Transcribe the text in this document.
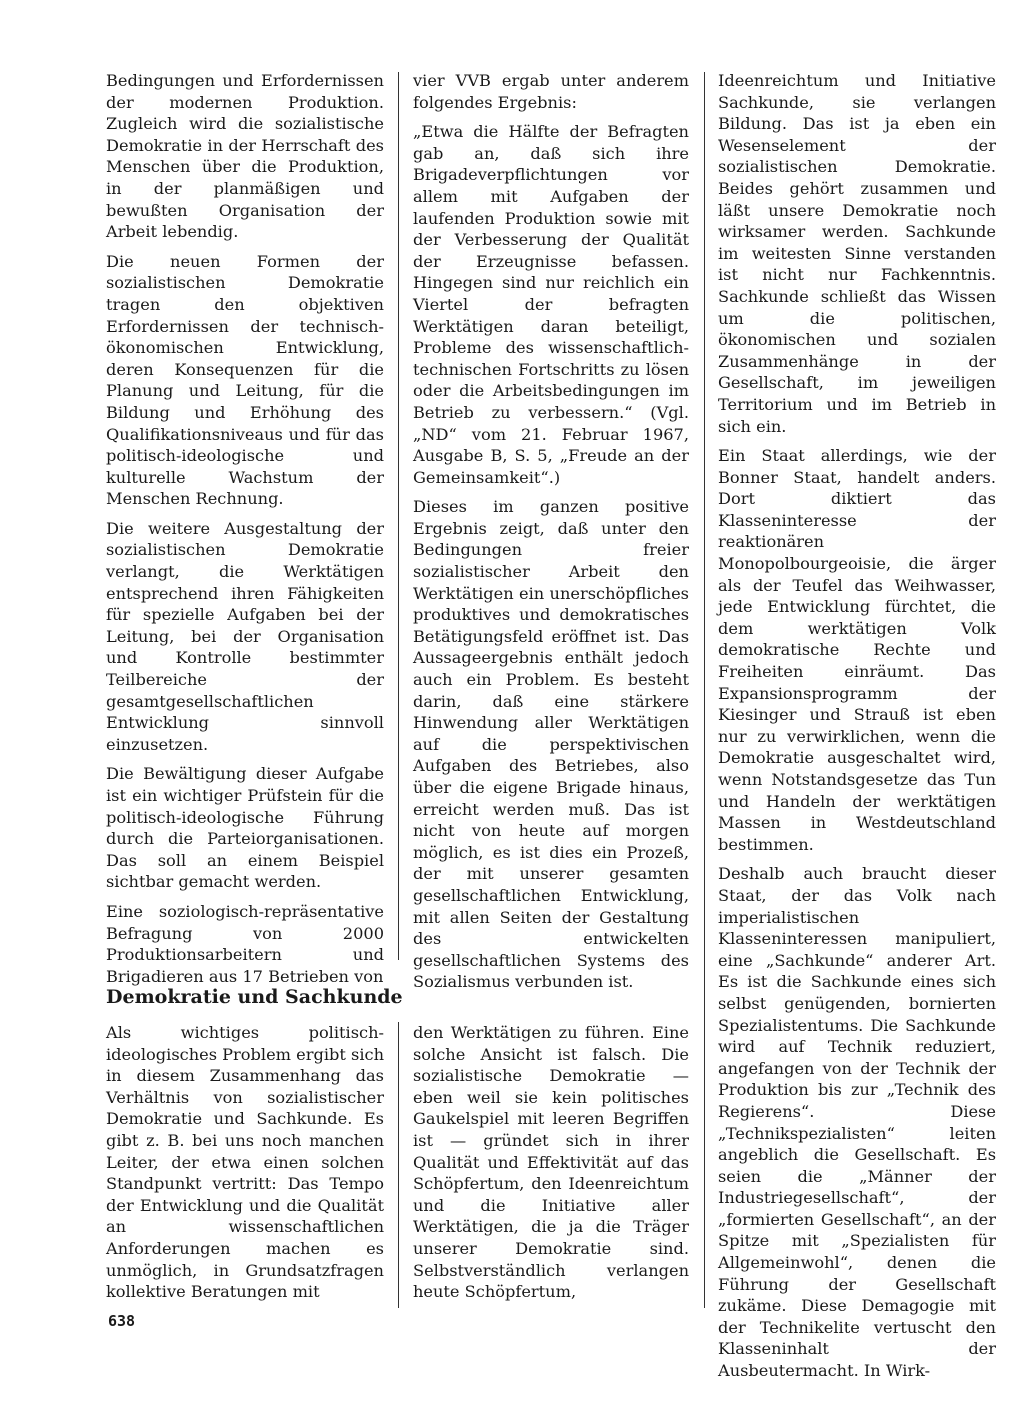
Bedingungen und Erfordernissen der modernen Produktion. Zugleich wird die sozialistische Demokratie in der Herrschaft des Menschen über die Produktion, in der planmäßigen und bewußten Organisation der Arbeit lebendig.

Die neuen Formen der sozialistischen Demokratie tragen den objektiven Erfordernissen der technisch-ökonomischen Entwicklung, deren Konsequenzen für die Planung und Leitung, für die Bildung und Erhöhung des Qualifikationsniveaus und für das politisch-ideologische und kulturelle Wachstum der Menschen Rechnung.

Die weitere Ausgestaltung der sozialistischen Demokratie verlangt, die Werktätigen entsprechend ihren Fähigkeiten für spezielle Aufgaben bei der Leitung, bei der Organisation und Kontrolle bestimmter Teilbereiche der gesamtgesellschaftlichen Entwicklung sinnvoll einzusetzen.

Die Bewältigung dieser Aufgabe ist ein wichtiger Prüfstein für die politisch-ideologische Führung durch die Parteiorganisationen. Das soll an einem Beispiel sichtbar gemacht werden.

Eine soziologisch-repräsentative Befragung von 2000 Produktionsarbeitern und Brigadieren aus 17 Betrieben von

vier VVB ergab unter anderem folgendes Ergebnis:

„Etwa die Hälfte der Befragten gab an, daß sich ihre Brigadeverpflichtungen vor allem mit Aufgaben der laufenden Produktion sowie mit der Verbesserung der Qualität der Erzeugnisse befassen. Hingegen sind nur reichlich ein Viertel der befragten Werktätigen daran beteiligt, Probleme des wissenschaftlich-technischen Fortschritts zu lösen oder die Arbeitsbedingungen im Betrieb zu verbessern.“ (Vgl. „ND“ vom 21. Februar 1967, Ausgabe B, S. 5, „Freude an der Gemeinsamkeit“.)

Dieses im ganzen positive Ergebnis zeigt, daß unter den Bedingungen freier sozialistischer Arbeit den Werktätigen ein unerschöpfliches produktives und demokratisches Betätigungsfeld eröffnet ist. Das Aussageergebnis enthält jedoch auch ein Problem. Es besteht darin, daß eine stärkere Hinwendung aller Werktätigen auf die perspektivischen Aufgaben des Betriebes, also über die eigene Brigade hinaus, erreicht werden muß. Das ist nicht von heute auf morgen möglich, es ist dies ein Prozeß, der mit unserer gesamten gesellschaftlichen Entwicklung, mit allen Seiten der Gestaltung des entwickelten gesellschaftlichen Systems des Sozialismus verbunden ist.

Ideenreichtum und Initiative Sachkunde, sie verlangen Bildung. Das ist ja eben ein Wesenselement der sozialistischen Demokratie. Beides gehört zusammen und läßt unsere Demokratie noch wirksamer werden. Sachkunde im weitesten Sinne verstanden ist nicht nur Fachkenntnis. Sachkunde schließt das Wissen um die politischen, ökonomischen und sozialen Zusammenhänge in der Gesellschaft, im jeweiligen Territorium und im Betrieb in sich ein.

Ein Staat allerdings, wie der Bonner Staat, handelt anders. Dort diktiert das Klasseninteresse der reaktionären Monopolbourgeoisie, die ärger als der Teufel das Weihwasser, jede Entwicklung fürchtet, die dem werktätigen Volk demokratische Rechte und Freiheiten einräumt. Das Expansionsprogramm der Kiesinger und Strauß ist eben nur zu verwirklichen, wenn die Demokratie ausgeschaltet wird, wenn Notstandsgesetze das Tun und Handeln der werktätigen Massen in Westdeutschland bestimmen.

Deshalb auch braucht dieser Staat, der das Volk nach imperialistischen Klasseninteressen manipuliert, eine „Sachkunde“ anderer Art. Es ist die Sachkunde eines sich selbst genügenden, bornierten Spezialistentums. Die Sachkunde wird auf Technik reduziert, angefangen von der Technik der Produktion bis zur „Technik des Regierens“. Diese „Technikspezialisten“ leiten angeblich die Gesellschaft. Es seien die „Männer der Industriegesellschaft“, der „formierten Gesellschaft“, an der Spitze mit „Spezialisten für Allgemeinwohl“, denen die Führung der Gesellschaft zukäme. Diese Demagogie mit der Technikelite vertuscht den Klasseninhalt der Ausbeutermacht. In Wirk-

Demokratie und Sachkunde

Als wichtiges politisch-ideologisches Problem ergibt sich in diesem Zusammenhang das Verhältnis von sozialistischer Demokratie und Sachkunde. Es gibt z. B. bei uns noch manchen Leiter, der etwa einen solchen Standpunkt vertritt: Das Tempo der Entwicklung und die Qualität an wissenschaftlichen Anforderungen machen es unmöglich, in Grundsatzfragen kollektive Beratungen mit

den Werktätigen zu führen. Eine solche Ansicht ist falsch. Die sozialistische Demokratie — eben weil sie kein politisches Gaukelspiel mit leeren Begriffen ist — gründet sich in ihrer Qualität und Effektivität auf das Schöpfertum, den Ideenreichtum und die Initiative aller Werktätigen, die ja die Träger unserer Demokratie sind. Selbstverständlich verlangen heute Schöpfertum,

638
